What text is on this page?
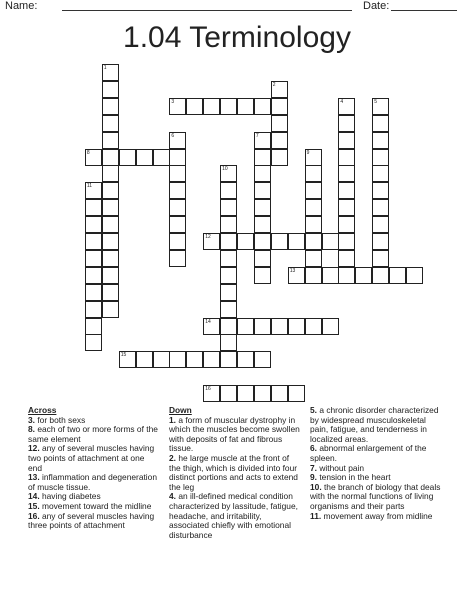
Name:	Date:
1.04 Terminology
1
2
3	4	5
6	7
8	9
10
11
12
13
14
15
16
Across
3. for both sexs
8. each of two or more forms of the same element
12. any of several muscles having two points of attachment at one end
13. inflammation and degeneration of muscle tissue.
14. having diabetes
15. movement toward the midline
16. any of several muscles having three points of attachment
Down
1. a form of muscular dystrophy in which the muscles become swollen with deposits of fat and fibrous tissue.
2. he large muscle at the front of the thigh, which is divided into four distinct portions and acts to extend the leg
4. an ill-defined medical condition characterized by lassitude, fatigue, headache, and irritability, associated chiefly with emotional disturbance
5. a chronic disorder characterized by widespread musculoskeletal pain, fatigue, and tenderness in localized areas.
6. abnormal enlargement of the spleen.
7. without pain
9. tension in the heart
10. the branch of biology that deals with the normal functions of living organisms and their parts
11. movement away from midline
